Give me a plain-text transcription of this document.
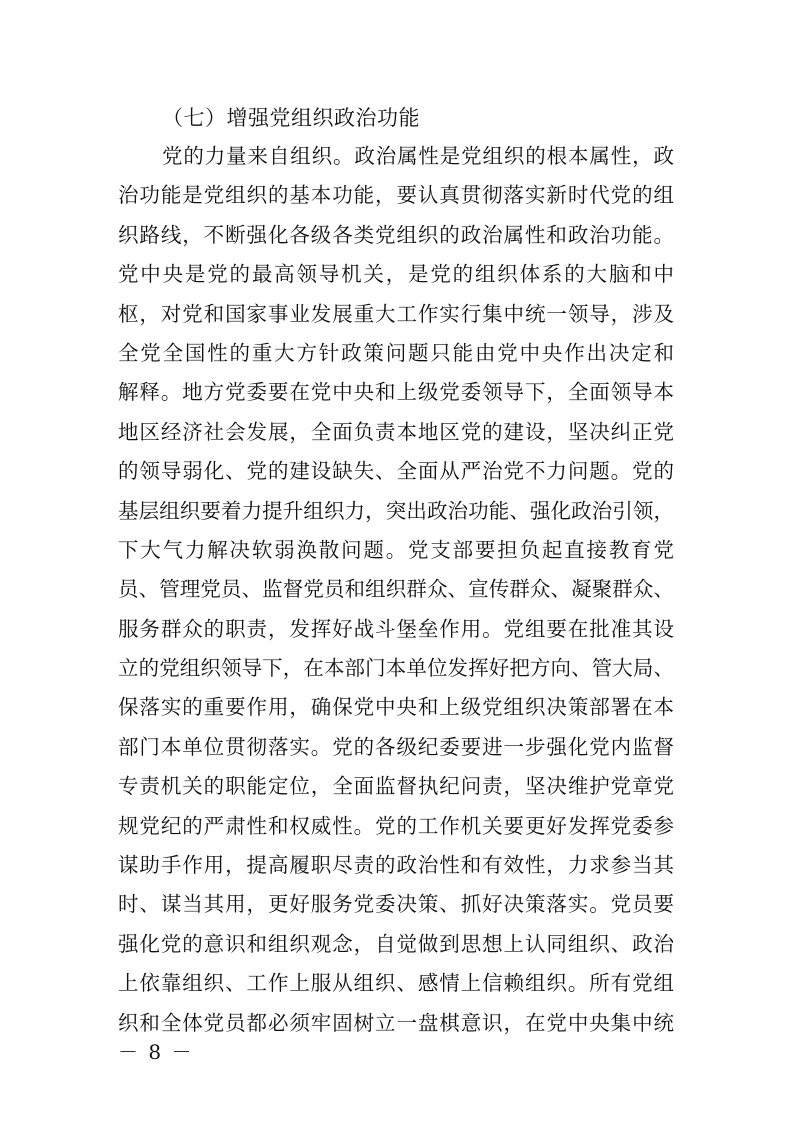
（七）增强党组织政治功能
党的力量来自组织。政治属性是党组织的根本属性，政
治功能是党组织的基本功能，要认真贯彻落实新时代党的组
织路线，不断强化各级各类党组织的政治属性和政治功能。
党中央是党的最高领导机关，是党的组织体系的大脑和中
枢，对党和国家事业发展重大工作实行集中统一领导，涉及
全党全国性的重大方针政策问题只能由党中央作出决定和
解释。地方党委要在党中央和上级党委领导下，全面领导本
地区经济社会发展，全面负责本地区党的建设，坚决纠正党
的领导弱化、党的建设缺失、全面从严治党不力问题。党的
基层组织要着力提升组织力，突出政治功能、强化政治引领，
下大气力解决软弱涣散问题。党支部要担负起直接教育党
员、管理党员、监督党员和组织群众、宣传群众、凝聚群众、
服务群众的职责，发挥好战斗堡垒作用。党组要在批准其设
立的党组织领导下，在本部门本单位发挥好把方向、管大局、
保落实的重要作用，确保党中央和上级党组织决策部署在本
部门本单位贯彻落实。党的各级纪委要进一步强化党内监督
专责机关的职能定位，全面监督执纪问责，坚决维护党章党
规党纪的严肃性和权威性。党的工作机关要更好发挥党委参
谋助手作用，提高履职尽责的政治性和有效性，力求参当其
时、谋当其用，更好服务党委决策、抓好决策落实。党员要
强化党的意识和组织观念，自觉做到思想上认同组织、政治
上依靠组织、工作上服从组织、感情上信赖组织。所有党组
织和全体党员都必须牢固树立一盘棋意识，在党中央集中统
－ 8 －
